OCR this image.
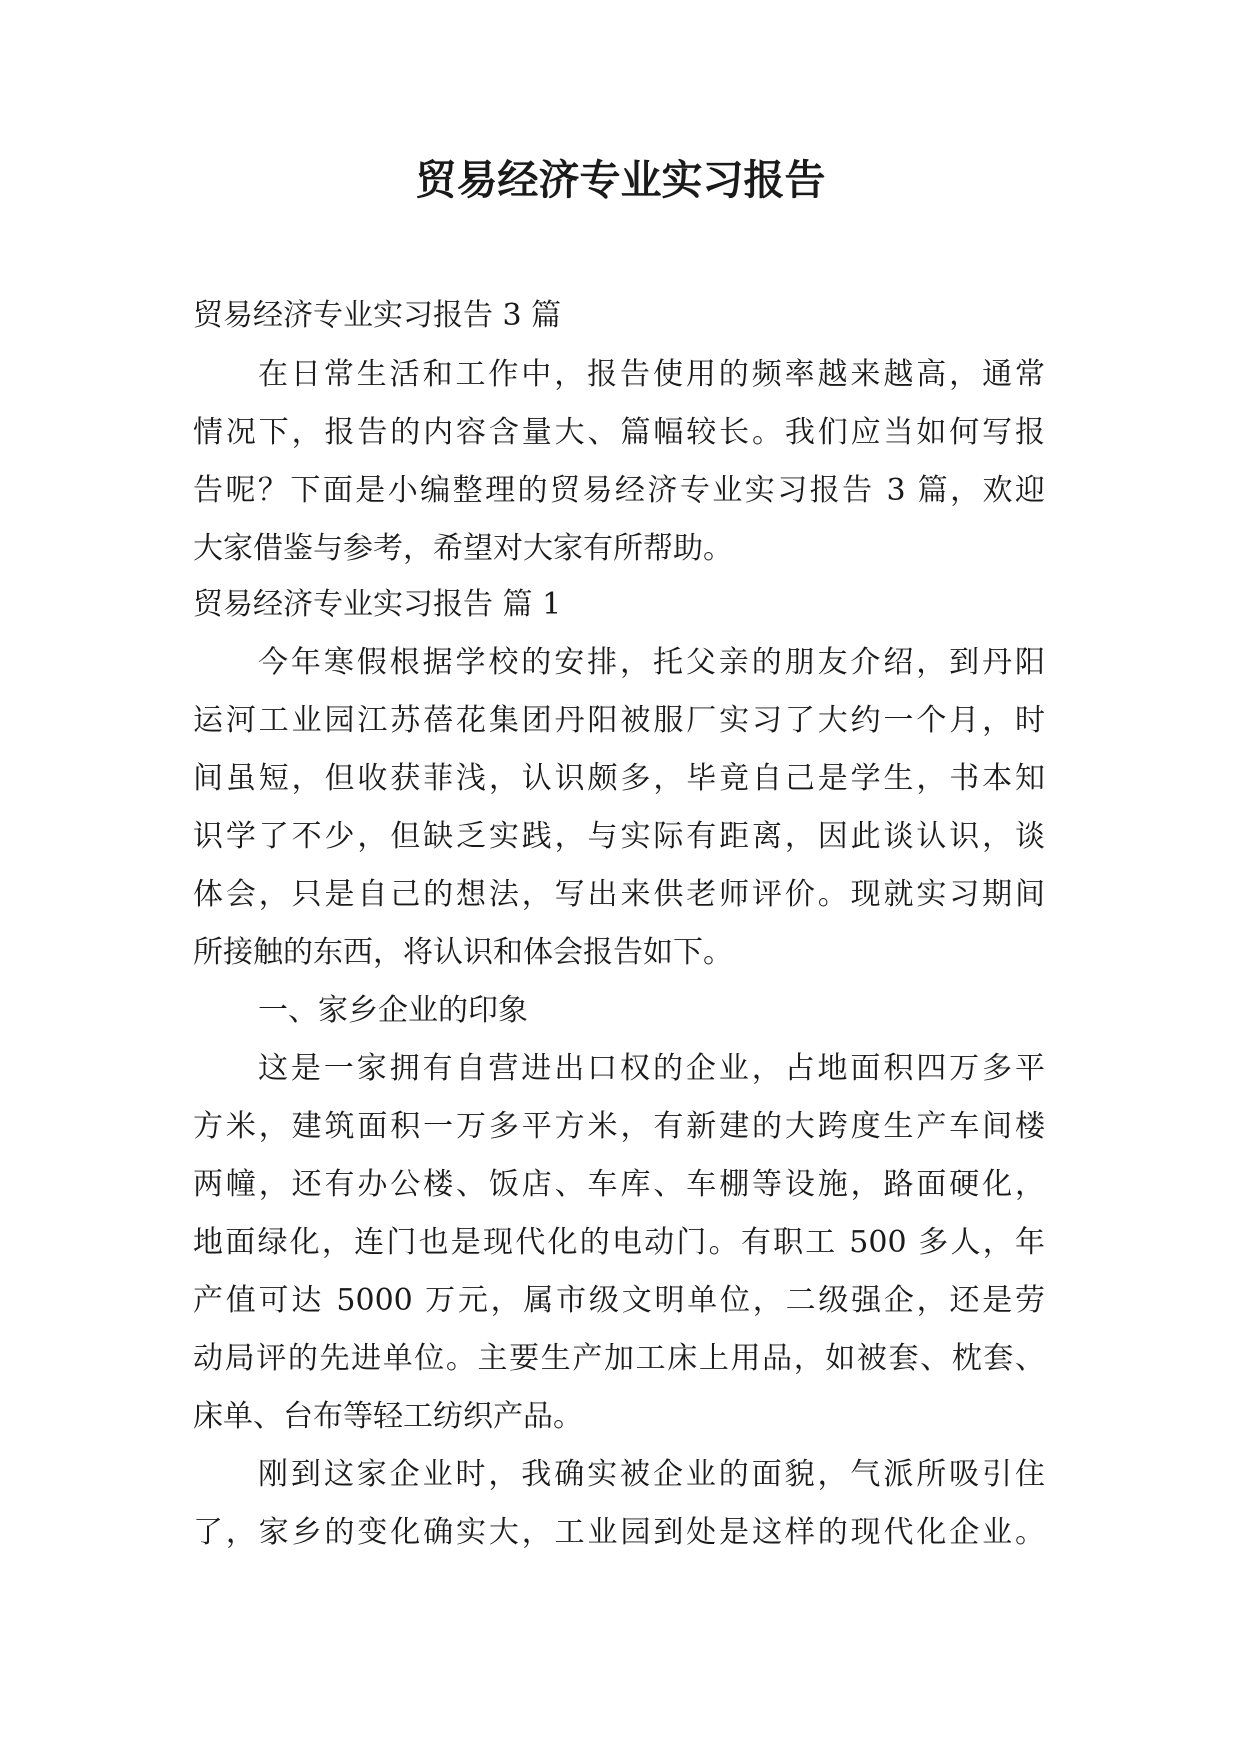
贸易经济专业实习报告
贸易经济专业实习报告 3 篇
在日常生活和工作中，报告使用的频率越来越高，通常
情况下，报告的内容含量大、篇幅较长。我们应当如何写报
告呢？下面是小编整理的贸易经济专业实习报告 3 篇，欢迎
大家借鉴与参考，希望对大家有所帮助。
贸易经济专业实习报告 篇 1
今年寒假根据学校的安排，托父亲的朋友介绍，到丹阳
运河工业园江苏蓓花集团丹阳被服厂实习了大约一个月，时
间虽短，但收获菲浅，认识颇多，毕竟自己是学生，书本知
识学了不少，但缺乏实践，与实际有距离，因此谈认识，谈
体会，只是自己的想法，写出来供老师评价。现就实习期间
所接触的东西，将认识和体会报告如下。
一、家乡企业的印象
这是一家拥有自营进出口权的企业，占地面积四万多平
方米，建筑面积一万多平方米，有新建的大跨度生产车间楼
两幢，还有办公楼、饭店、车库、车棚等设施，路面硬化，
地面绿化，连门也是现代化的电动门。有职工 500 多人，年
产值可达 5000 万元，属市级文明单位，二级强企，还是劳
动局评的先进单位。主要生产加工床上用品，如被套、枕套、
床单、台布等轻工纺织产品。
刚到这家企业时，我确实被企业的面貌，气派所吸引住
了，家乡的变化确实大，工业园到处是这样的现代化企业。
